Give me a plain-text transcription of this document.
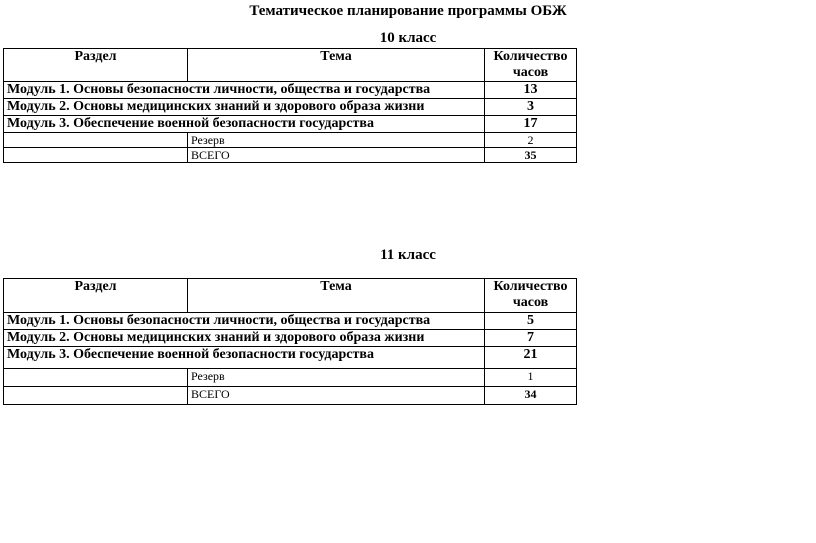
Тематическое планирование программы ОБЖ
10 класс
Раздел	Тема	Количество часов
Модуль 1. Основы безопасности личности, общества и государства		13
Модуль 2. Основы медицинских знаний и здорового образа жизни		3
Модуль 3. Обеспечение военной безопасности государства		17
	Резерв	2
	ВСЕГО	35
11 класс
Раздел	Тема	Количество часов
Модуль 1. Основы безопасности личности, общества и государства		5
Модуль 2. Основы медицинских знаний и здорового образа жизни		7
Модуль 3. Обеспечение военной безопасности государства		21
	Резерв	1
	ВСЕГО	34
